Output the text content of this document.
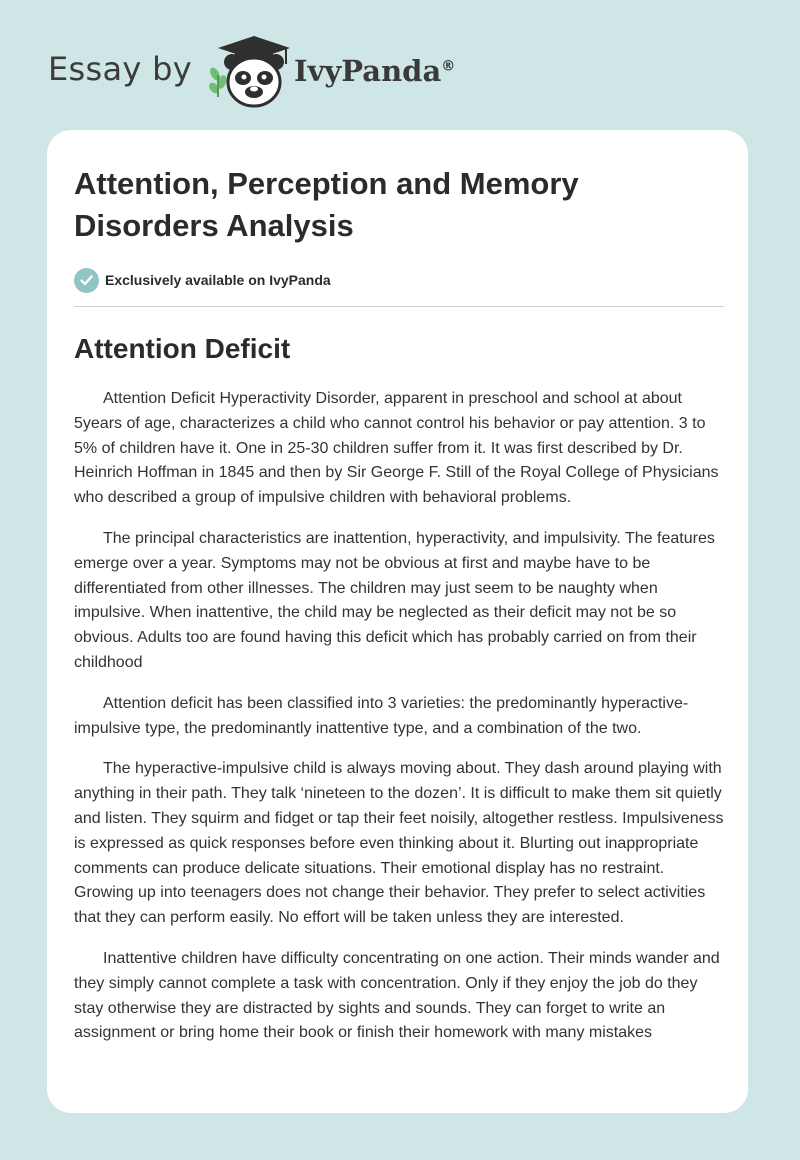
Essay by	IvyPanda®
Attention, Perception and Memory Disorders Analysis
Exclusively available on IvyPanda
Attention Deficit

Attention Deficit Hyperactivity Disorder, apparent in preschool and school at about 5years of age, characterizes a child who cannot control his behavior or pay attention. 3 to 5% of children have it. One in 25-30 children suffer from it. It was first described by Dr. Heinrich Hoffman in 1845 and then by Sir George F. Still of the Royal College of Physicians who described a group of impulsive children with behavioral problems.

The principal characteristics are inattention, hyperactivity, and impulsivity. The features emerge over a year. Symptoms may not be obvious at first and maybe have to be differentiated from other illnesses. The children may just seem to be naughty when impulsive. When inattentive, the child may be neglected as their deficit may not be so obvious. Adults too are found having this deficit which has probably carried on from their childhood

Attention deficit has been classified into 3 varieties: the predominantly hyperactive-impulsive type, the predominantly inattentive type, and a combination of the two.

The hyperactive-impulsive child is always moving about. They dash around playing with anything in their path. They talk ‘nineteen to the dozen’. It is difficult to make them sit quietly and listen. They squirm and fidget or tap their feet noisily, altogether restless. Impulsiveness is expressed as quick responses before even thinking about it. Blurting out inappropriate comments can produce delicate situations. Their emotional display has no restraint. Growing up into teenagers does not change their behavior. They prefer to select activities that they can perform easily. No effort will be taken unless they are interested.

Inattentive children have difficulty concentrating on one action. Their minds wander and they simply cannot complete a task with concentration. Only if they enjoy the job do they stay otherwise they are distracted by sights and sounds. They can forget to write an assignment or bring home their book or finish their homework with many mistakes
